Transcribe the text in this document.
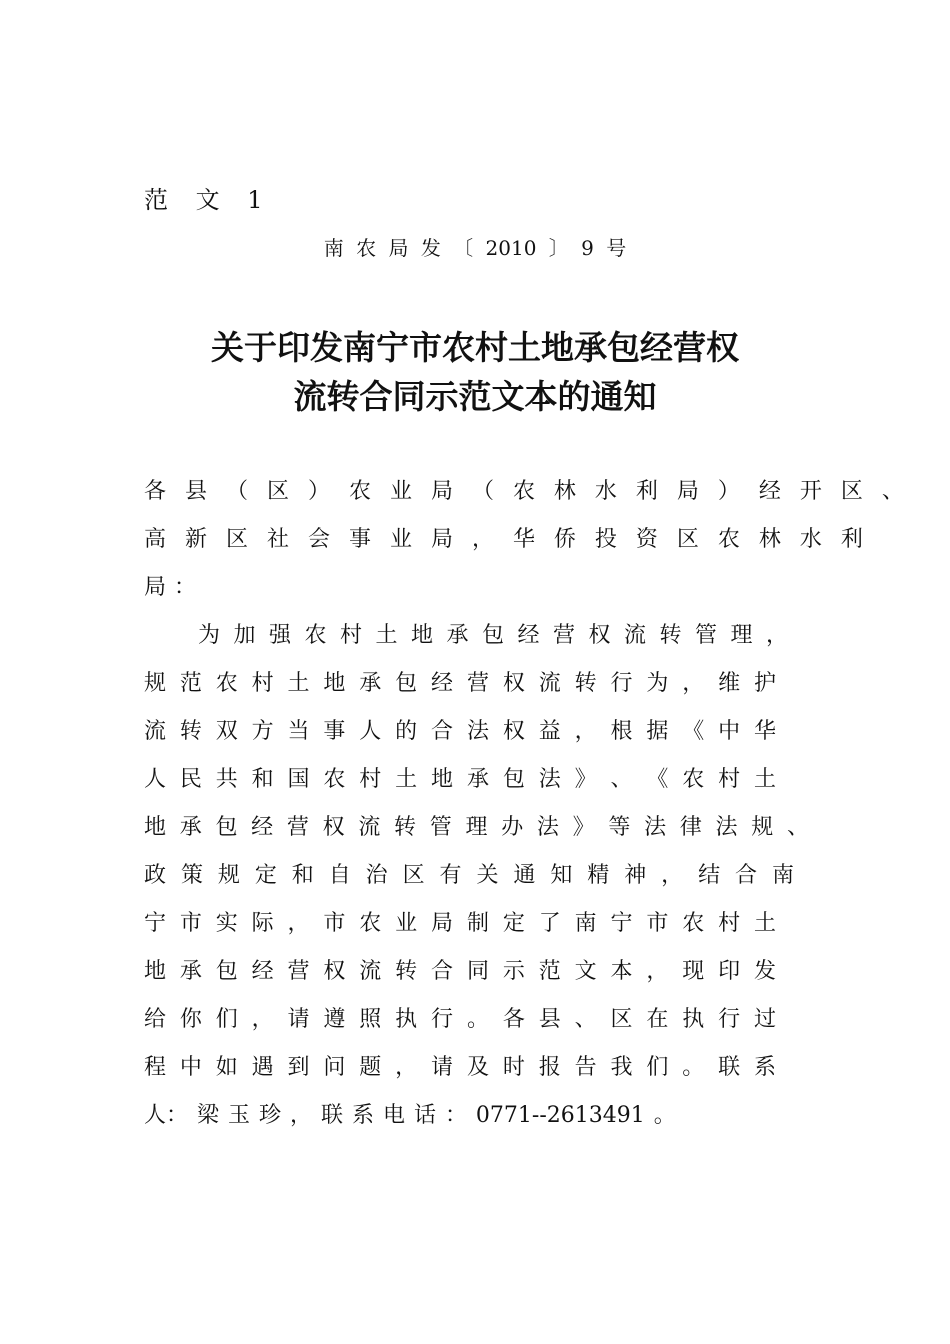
范 文 1
南 农 局 发 〔 2010 〕 9 号
关于印发南宁市农村土地承包经营权
流转合同示范文本的通知
各 县 （ 区 ） 农 业 局 （ 农 林 水 利 局 ） 经 开 区 、
高 新 区 社 会 事 业 局 ， 华 侨 投 资 区 农 林 水 利
局：
为 加 强 农 村 土 地 承 包 经 营 权 流 转 管 理 ，
规 范 农 村 土 地 承 包 经 营 权 流 转 行 为 ， 维 护
流 转 双 方 当 事 人 的 合 法 权 益 ， 根 据 《 中 华
人 民 共 和 国 农 村 土 地 承 包 法 》 、 《 农 村 土
地 承 包 经 营 权 流 转 管 理 办 法 》 等 法 律 法 规 、
政 策 规 定 和 自 治 区 有 关 通 知 精 神 ， 结 合 南
宁 市 实 际 ， 市 农 业 局 制 定 了 南 宁 市 农 村 土
地 承 包 经 营 权 流 转 合 同 示 范 文 本 ， 现 印 发
给 你 们 ， 请 遵 照 执 行 。 各 县 、 区 在 执 行 过
程 中 如 遇 到 问 题 ， 请 及 时 报 告 我 们 。 联 系
人： 梁 玉 珍 ， 联 系 电 话 ： 0771--2613491 。
